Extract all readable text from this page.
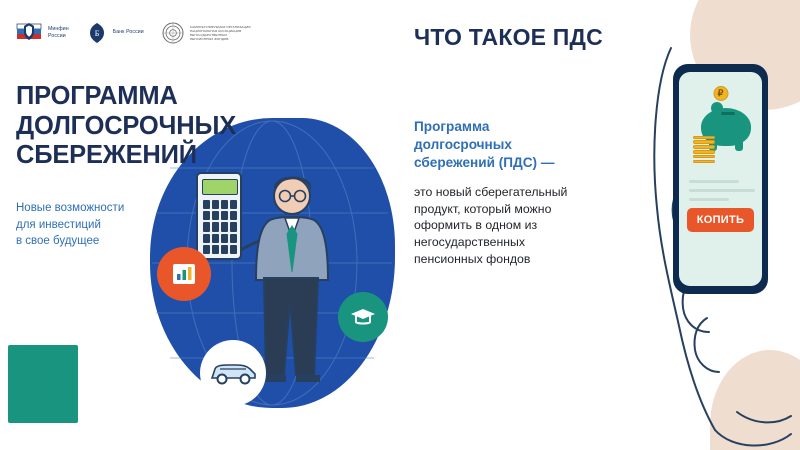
Минфин
России	Б	Банк России
САМОРЕГУЛИРУЕМАЯ ОРГАНИЗАЦИЯ
НАЦИОНАЛЬНАЯ АССОЦИАЦИЯ
НЕГОСУДАРСТВЕННЫХ
ПЕНСИОННЫХ ФОНДОВ
ПРОГРАММА
ДОЛГОСРОЧНЫХ
СБЕРЕЖЕНИЙ
Новые возможности
для инвестиций
в свое будущее
ЧТО ТАКОЕ ПДС
Программа
долгосрочных
сбережений (ПДС) —
это новый сберегательный
продукт, который можно
оформить в одном из
негосударственных
пенсионных фондов
₽
КОПИТЬ
